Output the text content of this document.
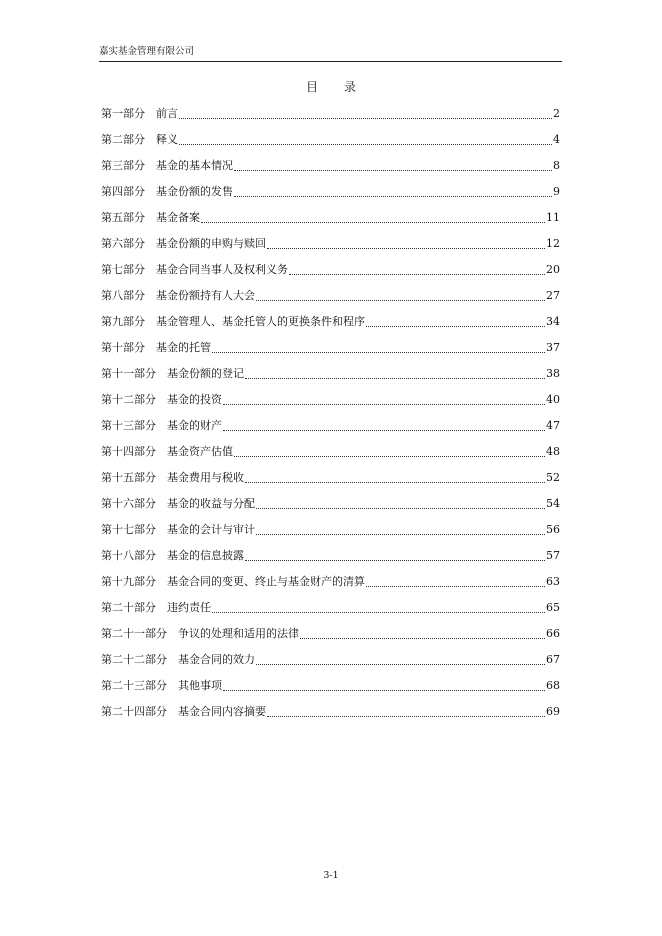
嘉实基金管理有限公司
目 录
第一部分 前言	2
第二部分 释义	4
第三部分 基金的基本情况	8
第四部分 基金份额的发售	9
第五部分 基金备案	11
第六部分 基金份额的申购与赎回	12
第七部分 基金合同当事人及权利义务	20
第八部分 基金份额持有人大会	27
第九部分 基金管理人、基金托管人的更换条件和程序	34
第十部分 基金的托管	37
第十一部分 基金份额的登记	38
第十二部分 基金的投资	40
第十三部分 基金的财产	47
第十四部分 基金资产估值	48
第十五部分 基金费用与税收	52
第十六部分 基金的收益与分配	54
第十七部分 基金的会计与审计	56
第十八部分 基金的信息披露	57
第十九部分 基金合同的变更、终止与基金财产的清算	63
第二十部分 违约责任	65
第二十一部分 争议的处理和适用的法律	66
第二十二部分 基金合同的效力	67
第二十三部分 其他事项	68
第二十四部分 基金合同内容摘要	69
3-1
